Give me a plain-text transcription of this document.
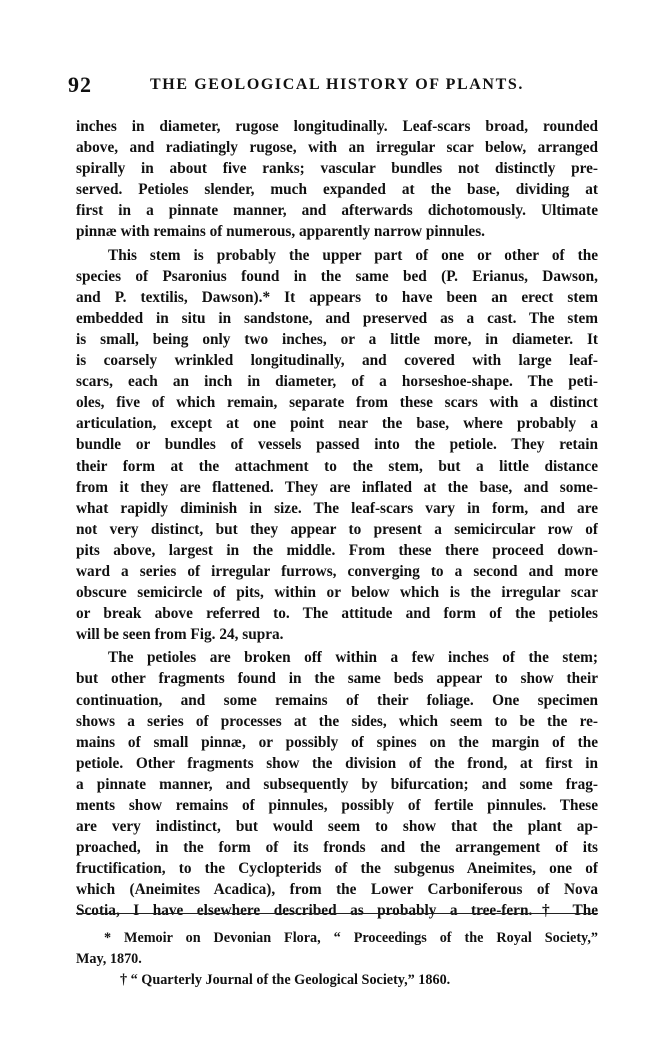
92	THE GEOLOGICAL HISTORY OF PLANTS.
inches in diameter, rugose longitudinally. Leaf-scars broad, rounded
above, and radiatingly rugose, with an irregular scar below, arranged
spirally in about five ranks; vascular bundles not distinctly pre-
served. Petioles slender, much expanded at the base, dividing at
first in a pinnate manner, and afterwards dichotomously. Ultimate
pinnæ with remains of numerous, apparently narrow pinnules.
This stem is probably the upper part of one or other of the
species of Psaronius found in the same bed (P. Erianus, Dawson,
and P. textilis, Dawson).* It appears to have been an erect stem
embedded in situ in sandstone, and preserved as a cast. The stem
is small, being only two inches, or a little more, in diameter. It
is coarsely wrinkled longitudinally, and covered with large leaf-
scars, each an inch in diameter, of a horseshoe-shape. The peti-
oles, five of which remain, separate from these scars with a distinct
articulation, except at one point near the base, where probably a
bundle or bundles of vessels passed into the petiole. They retain
their form at the attachment to the stem, but a little distance
from it they are flattened. They are inflated at the base, and some-
what rapidly diminish in size. The leaf-scars vary in form, and are
not very distinct, but they appear to present a semicircular row of
pits above, largest in the middle. From these there proceed down-
ward a series of irregular furrows, converging to a second and more
obscure semicircle of pits, within or below which is the irregular scar
or break above referred to. The attitude and form of the petioles
will be seen from Fig. 24, supra.
The petioles are broken off within a few inches of the stem;
but other fragments found in the same beds appear to show their
continuation, and some remains of their foliage. One specimen
shows a series of processes at the sides, which seem to be the re-
mains of small pinnæ, or possibly of spines on the margin of the
petiole. Other fragments show the division of the frond, at first in
a pinnate manner, and subsequently by bifurcation; and some frag-
ments show remains of pinnules, possibly of fertile pinnules. These
are very indistinct, but would seem to show that the plant ap-
proached, in the form of its fronds and the arrangement of its
fructification, to the Cyclopterids of the subgenus Aneimites, one of
which (Aneimites Acadica), from the Lower Carboniferous of Nova
Scotia, I have elsewhere described as probably a tree-fern.† The
* Memoir on Devonian Flora, “ Proceedings of the Royal Society,”
May, 1870.
† “ Quarterly Journal of the Geological Society,” 1860.
